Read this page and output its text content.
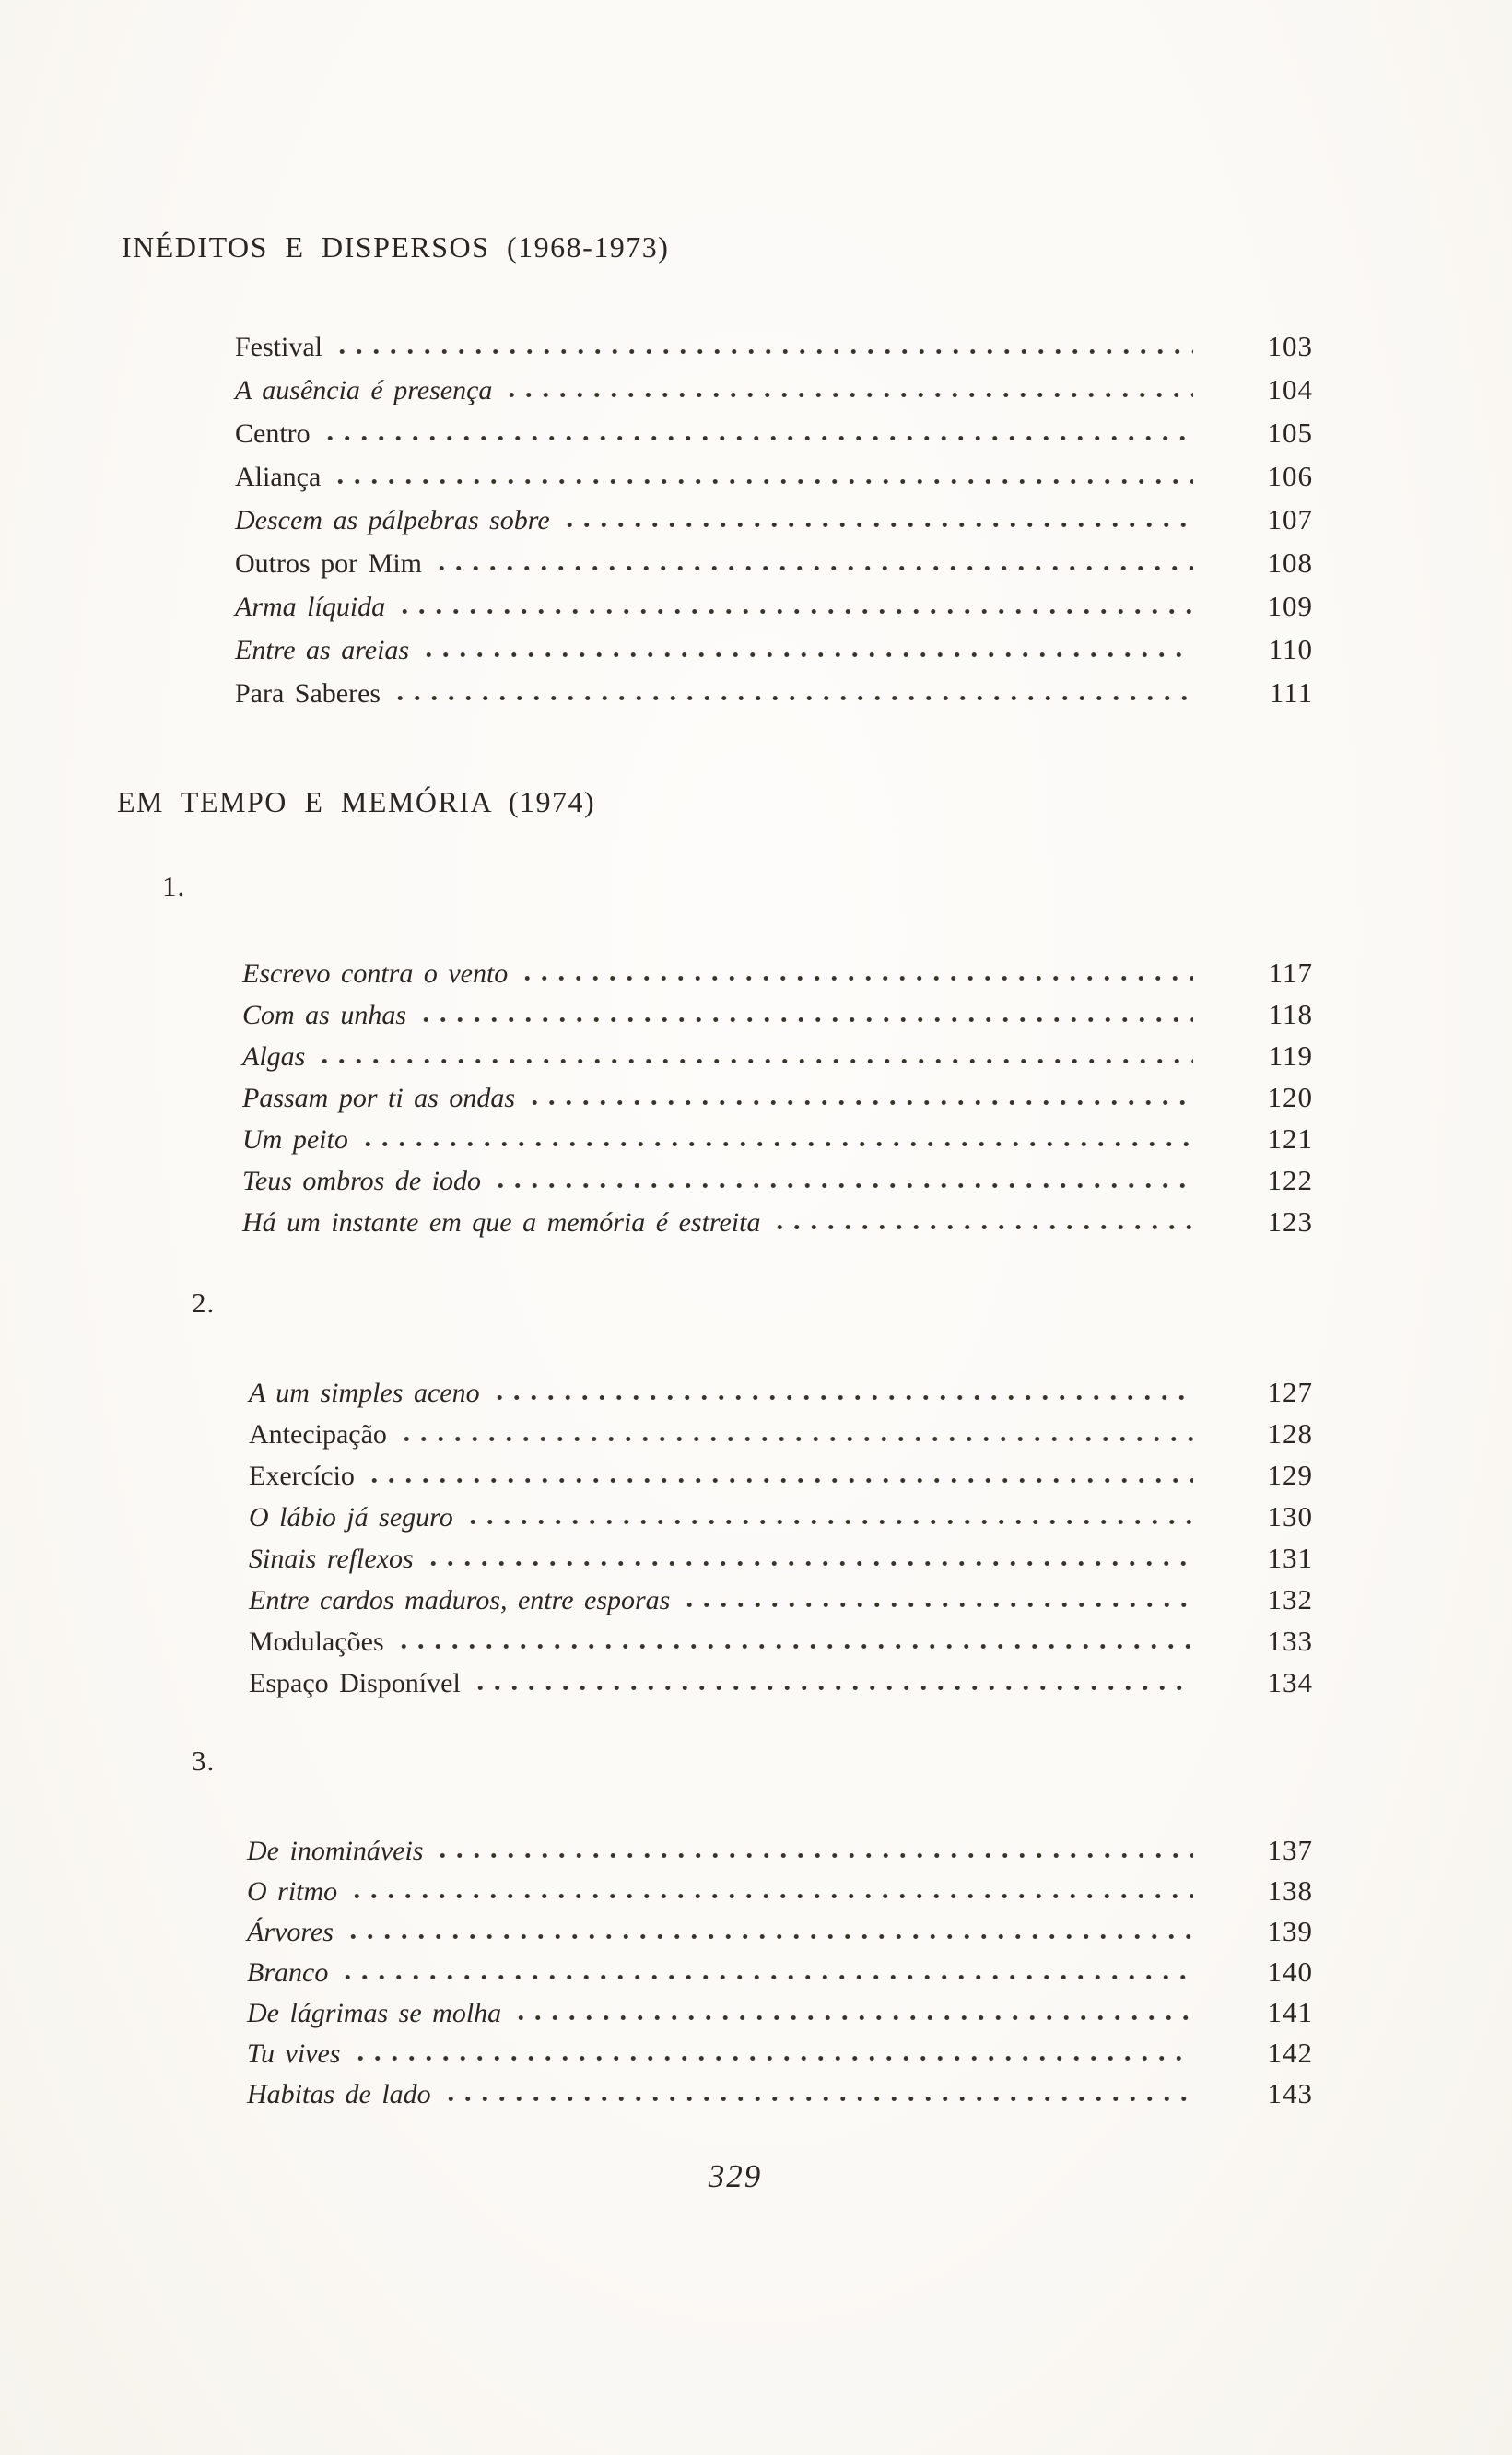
INÉDITOS E DISPERSOS (1968-1973)
Festival	103
A ausência é presença	104
Centro	105
Aliança	106
Descem as pálpebras sobre	107
Outros por Mim	108
Arma líquida	109
Entre as areias	110
Para Saberes	111
EM TEMPO E MEMÓRIA (1974)
1.
Escrevo contra o vento	117
Com as unhas	118
Algas	119
Passam por ti as ondas	120
Um peito	121
Teus ombros de iodo	122
Há um instante em que a memória é estreita	123
2.
A um simples aceno	127
Antecipação	128
Exercício	129
O lábio já seguro	130
Sinais reflexos	131
Entre cardos maduros, entre esporas	132
Modulações	133
Espaço Disponível	134
3.
De inomináveis	137
O ritmo	138
Árvores	139
Branco	140
De lágrimas se molha	141
Tu vives	142
Habitas de lado	143
329
